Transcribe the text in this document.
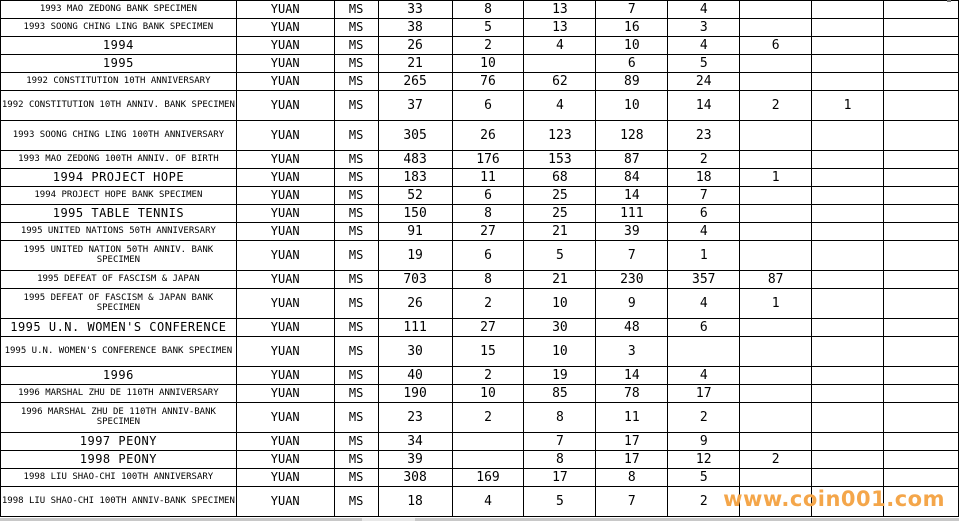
1993 MAO ZEDONG BANK SPECIMEN	YUAN	MS	33	8	13	7	4			
1993 SOONG CHING LING BANK SPECIMEN	YUAN	MS	38	5	13	16	3			
1994	YUAN	MS	26	2	4	10	4	6		
1995	YUAN	MS	21	10		6	5			
1992 CONSTITUTION 10TH ANNIVERSARY	YUAN	MS	265	76	62	89	24			
1992 CONSTITUTION 10TH ANNIV. BANK SPECIMEN	YUAN	MS	37	6	4	10	14	2	1	
1993 SOONG CHING LING 100TH ANNIVERSARY	YUAN	MS	305	26	123	128	23			
1993 MAO ZEDONG 100TH ANNIV. OF BIRTH	YUAN	MS	483	176	153	87	2			
1994 PROJECT HOPE	YUAN	MS	183	11	68	84	18	1		
1994 PROJECT HOPE BANK SPECIMEN	YUAN	MS	52	6	25	14	7			
1995 TABLE TENNIS	YUAN	MS	150	8	25	111	6			
1995 UNITED NATIONS 50TH ANNIVERSARY	YUAN	MS	91	27	21	39	4			
1995 UNITED NATION 50TH ANNIV. BANK SPECIMEN	YUAN	MS	19	6	5	7	1			
1995 DEFEAT OF FASCISM & JAPAN	YUAN	MS	703	8	21	230	357	87		
1995 DEFEAT OF FASCISM & JAPAN BANK SPECIMEN	YUAN	MS	26	2	10	9	4	1		
1995 U.N. WOMEN'S CONFERENCE	YUAN	MS	111	27	30	48	6			
1995 U.N. WOMEN'S CONFERENCE BANK SPECIMEN	YUAN	MS	30	15	10	3				
1996	YUAN	MS	40	2	19	14	4			
1996 MARSHAL ZHU DE 110TH ANNIVERSARY	YUAN	MS	190	10	85	78	17			
1996 MARSHAL ZHU DE 110TH ANNIV-BANK SPECIMEN	YUAN	MS	23	2	8	11	2			
1997 PEONY	YUAN	MS	34		7	17	9			
1998 PEONY	YUAN	MS	39		8	17	12	2		
1998 LIU SHAO-CHI 100TH ANNIVERSARY	YUAN	MS	308	169	17	8	5			
1998 LIU SHAO-CHI 100TH ANNIV-BANK SPECIMEN	YUAN	MS	18	4	5	7	2			www.coin001.com
